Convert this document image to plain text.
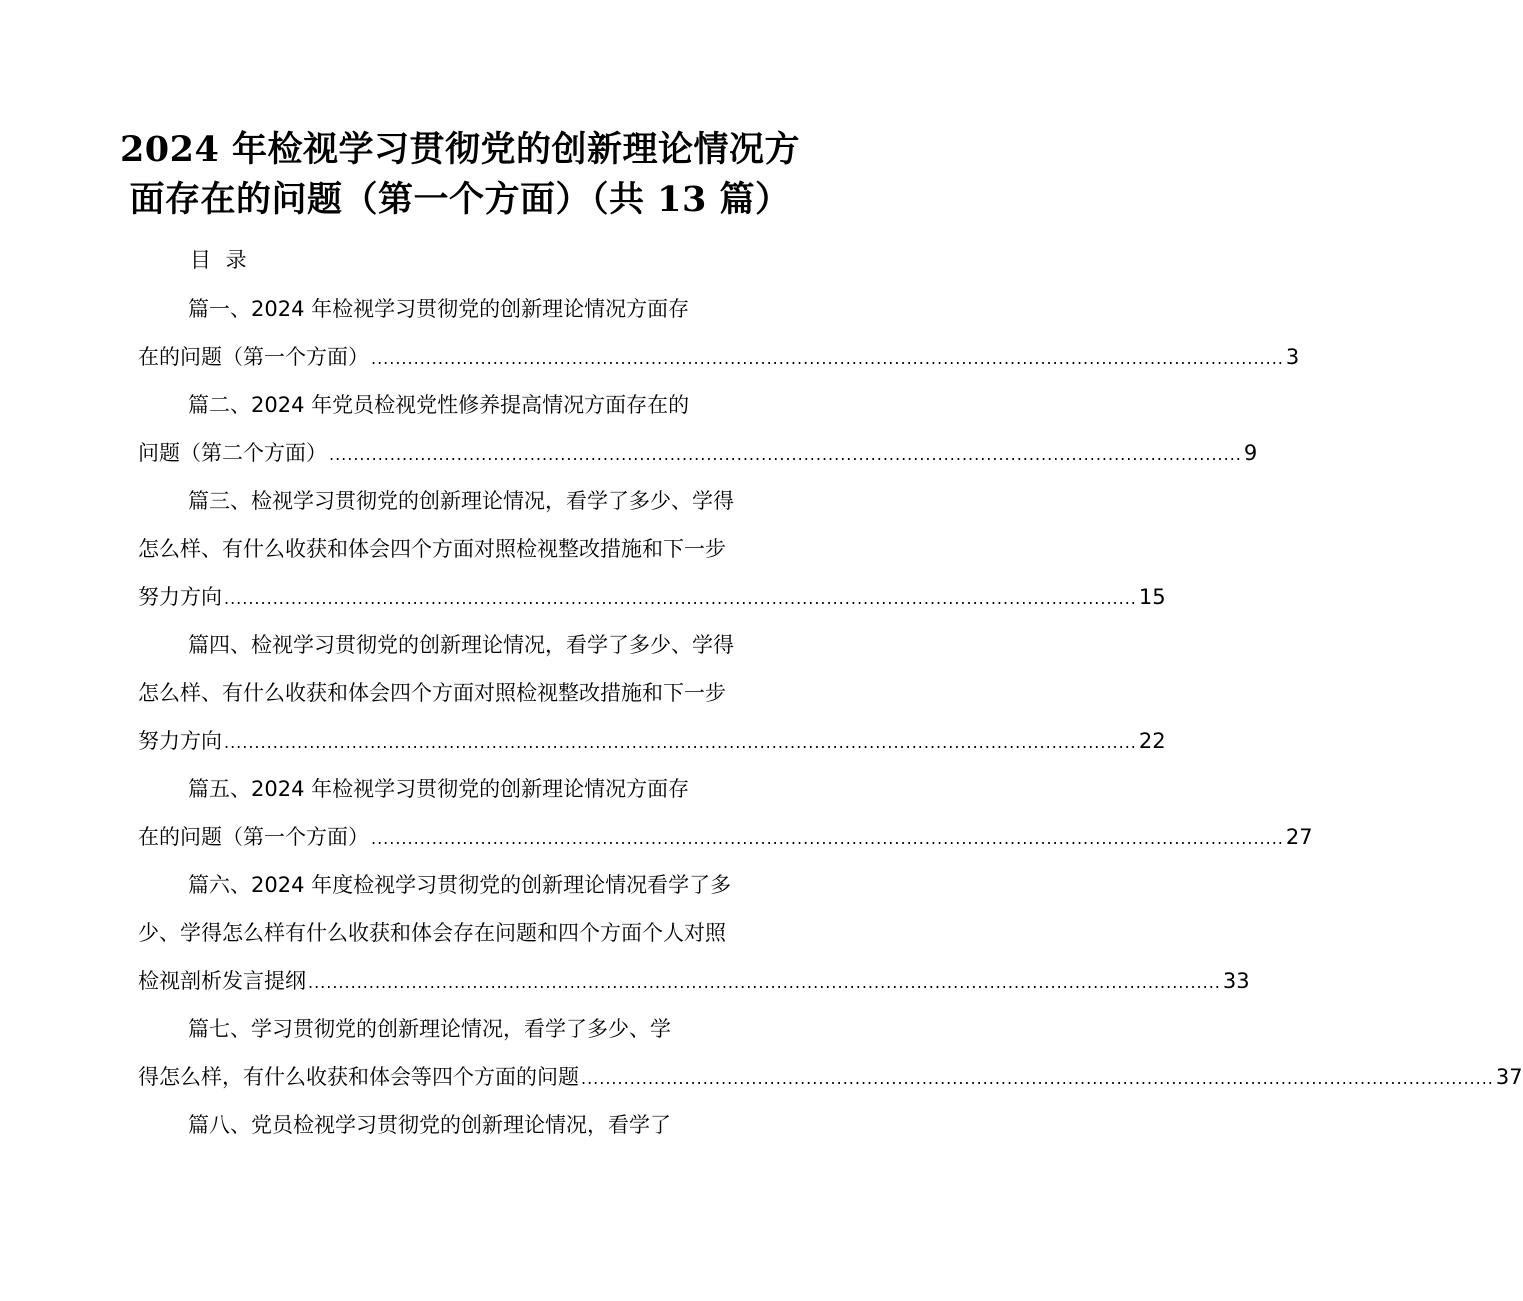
2024 年检视学习贯彻党的创新理论情况方
面存在的问题（第一个方面）（共 13 篇）
目 录
篇一、2024 年检视学习贯彻党的创新理论情况方面存
在的问题（第一个方面） ...................................................................................................................................................... 3
篇二、2024 年党员检视党性修养提高情况方面存在的
问题（第二个方面） ...................................................................................................................................................... 9
篇三、检视学习贯彻党的创新理论情况，看学了多少、学得
怎么样、有什么收获和体会四个方面对照检视整改措施和下一步
努力方向 ...................................................................................................................................................... 15
篇四、检视学习贯彻党的创新理论情况，看学了多少、学得
怎么样、有什么收获和体会四个方面对照检视整改措施和下一步
努力方向 ...................................................................................................................................................... 22
篇五、2024 年检视学习贯彻党的创新理论情况方面存
在的问题（第一个方面） ...................................................................................................................................................... 27
篇六、2024 年度检视学习贯彻党的创新理论情况看学了多
少、学得怎么样有什么收获和体会存在问题和四个方面个人对照
检视剖析发言提纲 ...................................................................................................................................................... 33
篇七、学习贯彻党的创新理论情况，看学了多少、学
得怎么样，有什么收获和体会等四个方面的问题 ...................................................................................................................................................... 37
篇八、党员检视学习贯彻党的创新理论情况，看学了
